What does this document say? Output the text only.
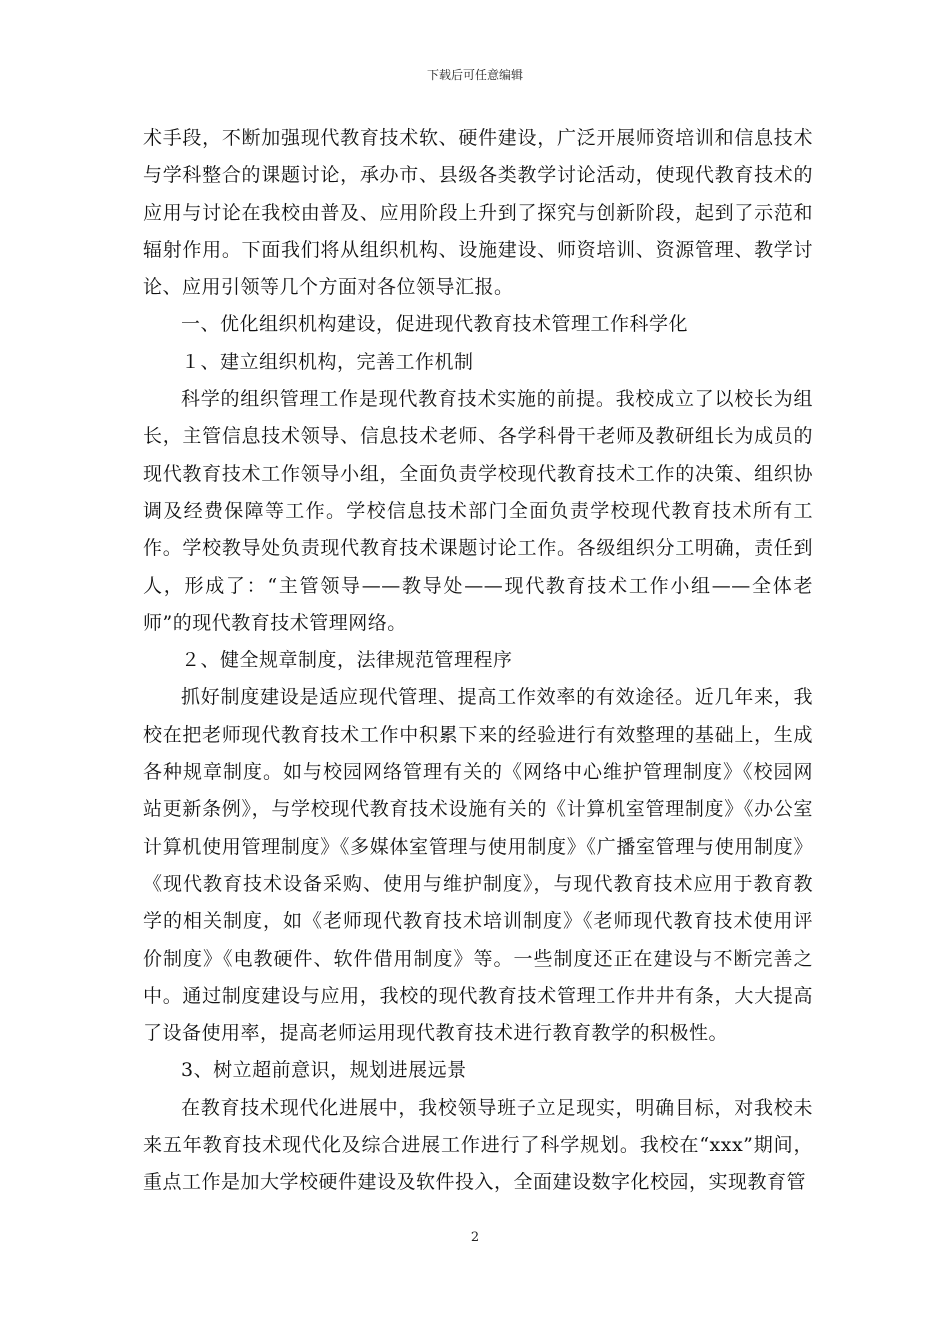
下载后可任意编辑

术手段，不断加强现代教育技术软、硬件建设，广泛开展师资培训和信息技术与学科整合的课题讨论，承办市、县级各类教学讨论活动，使现代教育技术的应用与讨论在我校由普及、应用阶段上升到了探究与创新阶段，起到了示范和辐射作用。下面我们将从组织机构、设施建设、师资培训、资源管理、教学讨论、应用引领等几个方面对各位领导汇报。

一、优化组织机构建设，促进现代教育技术管理工作科学化

１、建立组织机构，完善工作机制

科学的组织管理工作是现代教育技术实施的前提。我校成立了以校长为组长，主管信息技术领导、信息技术老师、各学科骨干老师及教研组长为成员的现代教育技术工作领导小组，全面负责学校现代教育技术工作的决策、组织协调及经费保障等工作。学校信息技术部门全面负责学校现代教育技术所有工作。学校教导处负责现代教育技术课题讨论工作。各级组织分工明确，责任到人，形成了：“主管领导——教导处——现代教育技术工作小组——全体老师”的现代教育技术管理网络。

２、健全规章制度，法律规范管理程序

抓好制度建设是适应现代管理、提高工作效率的有效途径。近几年来，我校在把老师现代教育技术工作中积累下来的经验进行有效整理的基础上，生成各种规章制度。如与校园网络管理有关的《网络中心维护管理制度》《校园网站更新条例》，与学校现代教育技术设施有关的《计算机室管理制度》《办公室计算机使用管理制度》《多媒体室管理与使用制度》《广播室管理与使用制度》《现代教育技术设备采购、使用与维护制度》，与现代教育技术应用于教育教学的相关制度，如《老师现代教育技术培训制度》《老师现代教育技术使用评价制度》《电教硬件、软件借用制度》等。一些制度还正在建设与不断完善之中。通过制度建设与应用，我校的现代教育技术管理工作井井有条，大大提高了设备使用率，提高老师运用现代教育技术进行教育教学的积极性。

3、树立超前意识，规划进展远景

在教育技术现代化进展中，我校领导班子立足现实，明确目标，对我校未来五年教育技术现代化及综合进展工作进行了科学规划。我校在“xxx”期间，重点工作是加大学校硬件建设及软件投入，全面建设数字化校园，实现教育管

2
